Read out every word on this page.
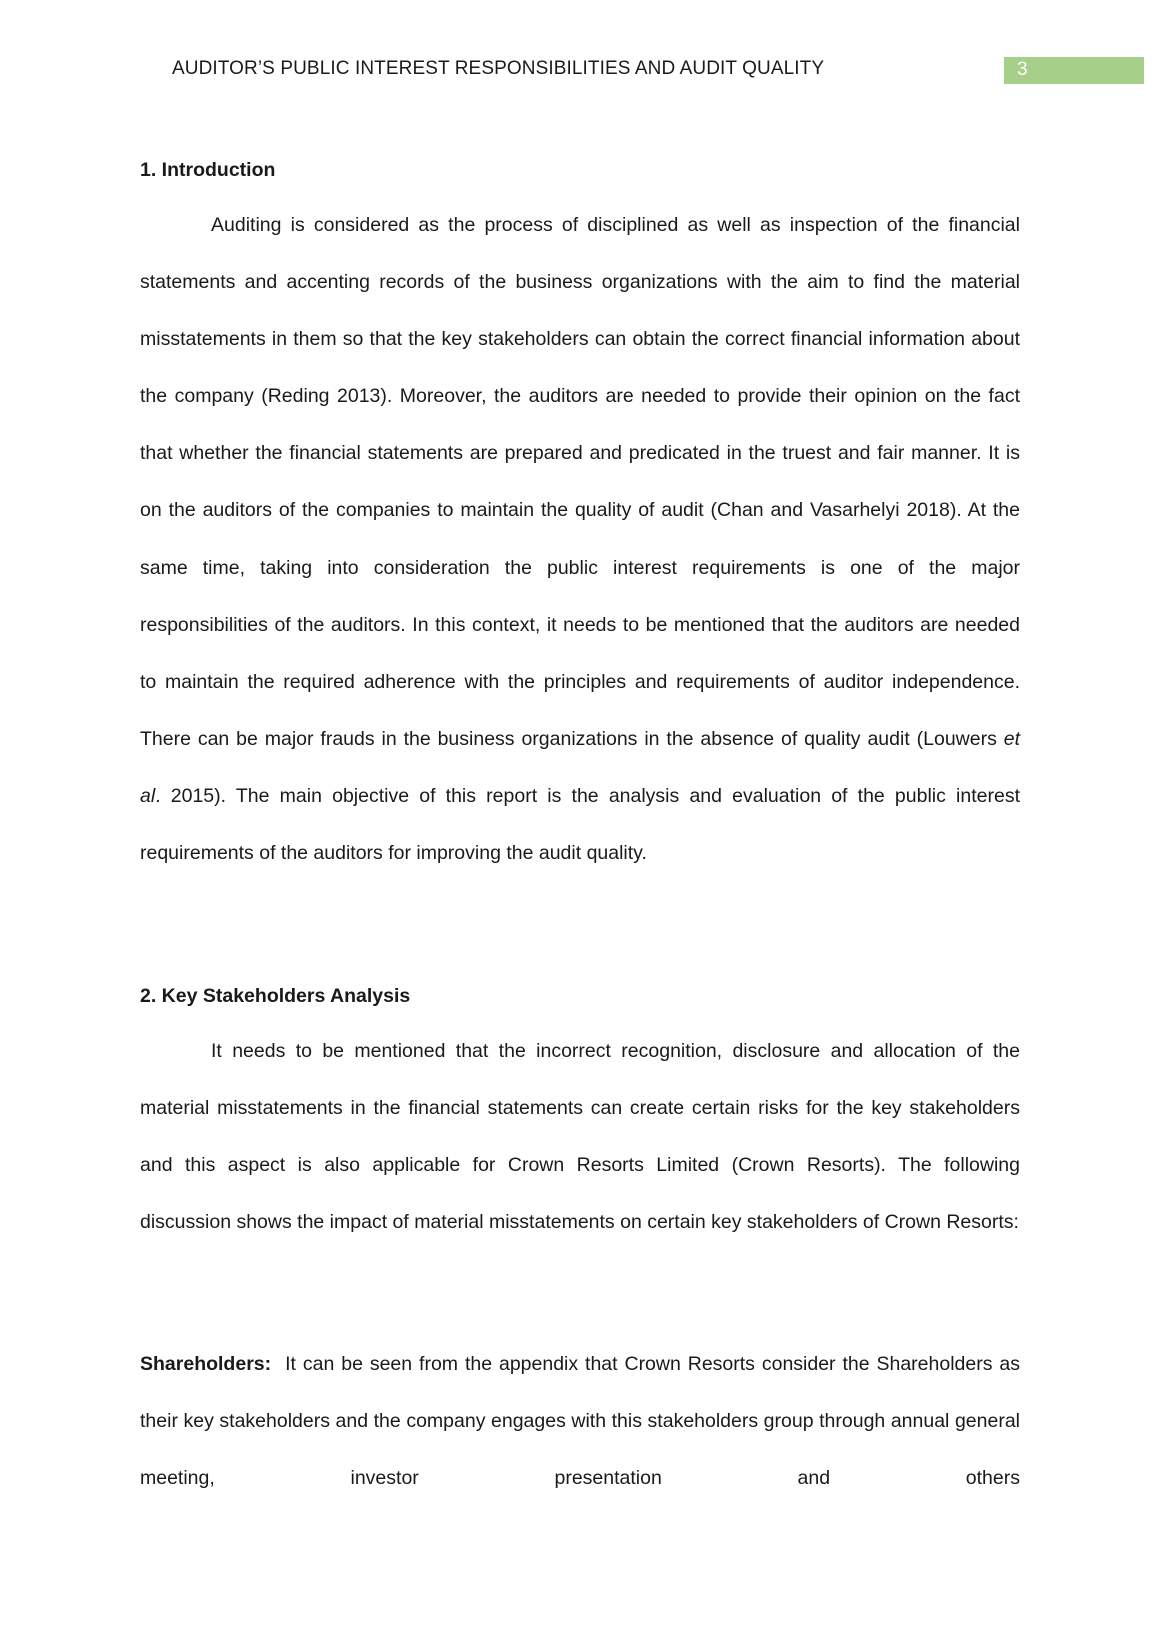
AUDITOR’S PUBLIC INTEREST RESPONSIBILITIES AND AUDIT QUALITY	3
1. Introduction

Auditing is considered as the process of disciplined as well as inspection of the financial statements and accenting records of the business organizations with the aim to find the material misstatements in them so that the key stakeholders can obtain the correct financial information about the company (Reding 2013). Moreover, the auditors are needed to provide their opinion on the fact that whether the financial statements are prepared and predicated in the truest and fair manner. It is on the auditors of the companies to maintain the quality of audit (Chan and Vasarhelyi 2018). At the same time, taking into consideration the public interest requirements is one of the major responsibilities of the auditors. In this context, it needs to be mentioned that the auditors are needed to maintain the required adherence with the principles and requirements of auditor independence. There can be major frauds in the business organizations in the absence of quality audit (Louwers et al. 2015). The main objective of this report is the analysis and evaluation of the public interest requirements of the auditors for improving the audit quality.

2. Key Stakeholders Analysis

It needs to be mentioned that the incorrect recognition, disclosure and allocation of the material misstatements in the financial statements can create certain risks for the key stakeholders and this aspect is also applicable for Crown Resorts Limited (Crown Resorts). The following discussion shows the impact of material misstatements on certain key stakeholders of Crown Resorts:

Shareholders: It can be seen from the appendix that Crown Resorts consider the Shareholders as their key stakeholders and the company engages with this stakeholders group through annual general meeting, investor presentation and others
